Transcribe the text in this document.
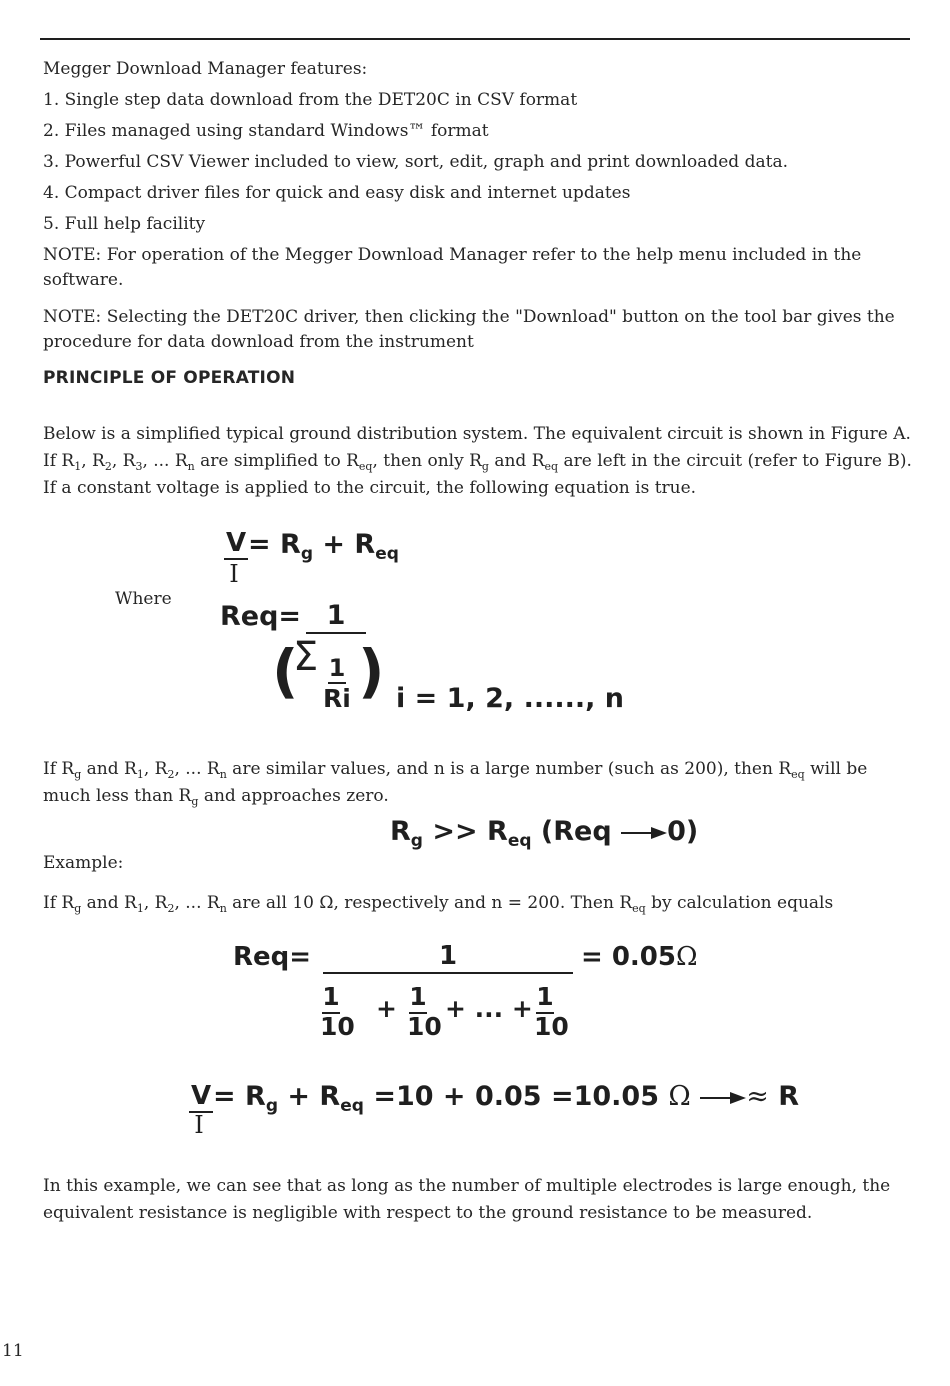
Megger Download Manager features:
1. Single step data download from the DET20C in CSV format
2. Files managed using standard Windows™ format
3. Powerful CSV Viewer included to view, sort, edit, graph and print downloaded data.
4. Compact driver files for quick and easy disk and internet updates
5. Full help facility
NOTE: For operation of the Megger Download Manager refer to the help menu included in the software.
NOTE: Selecting the DET20C driver, then clicking the "Download" button on the tool bar gives the procedure for data download from the instrument
PRINCIPLE OF OPERATION
Below is a simplified typical ground distribution system. The equivalent circuit is shown in Figure A.
If $R_1$, $R_2$, $R_3$, ... $R_n$ are simplified to $R_{eq}$, then only $R_g$ and $R_{eq}$ are left in the circuit (refer to Figure B).
If a constant voltage is applied to the circuit, the following equation is true.
V
I
= $R_g + R_{eq}$
Where
Req= 1
(
Σ 1
Ri ) i = 1, 2, ......, n
If $R_g$ and $R_1$, $R_2$, ... $R_n$ are similar values, and n is a large number (such as 200), then $R_{eq}$ will be
much less than $R_g$ and approaches zero.
$R_g >> R_{eq}$ (Req 0)
Example:
If $R_g$ and $R_1$, $R_2$, ... $R_n$ are all 10 Ω, respectively and n = 200. Then $R_{eq}$ by calculation equals
Req=	1	= 0.05Ω
1
10
+ 1
10
+ ... + 1
10
V
I
= $R_g + R_{eq} =10 + 0.05 =10.05$ Ω ≈ R
In this example, we can see that as long as the number of multiple electrodes is large enough, the equivalent resistance is negligible with respect to the ground resistance to be measured.
11
